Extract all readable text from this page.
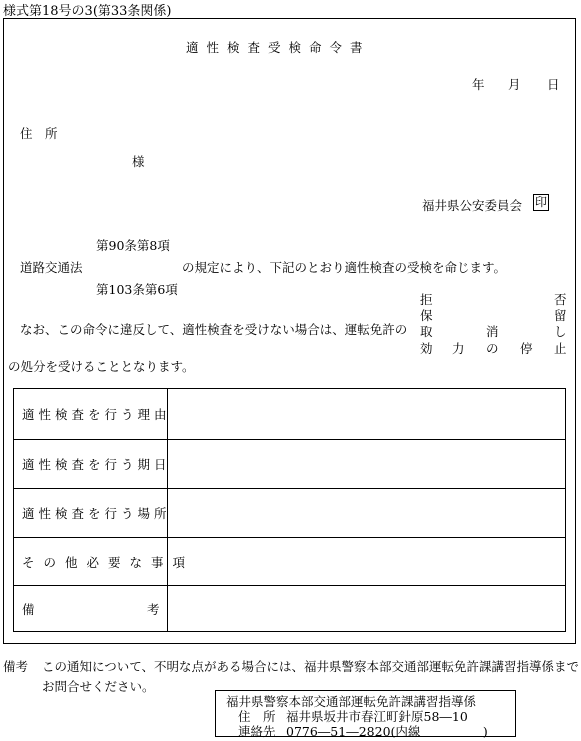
様式第18号の3(第33条関係)
適性検査受検命令書
年 月 日
住　所
様
福井県公安委員会 印
第90条第8項
道路交通法	の規定により、下記のとおり適性検査の受検を命じます。
第103条第6項
拒
保
取
効
否
留
し
止
消
力 の 停
なお、この命令に違反して、適性検査を受けない場合は、運転免許の
の処分を受けることとなります。
適性検査を行う理由
適性検査を行う期日
適性検査を行う場所
その他必要な事項
備	考
備考 この通知について、不明な点がある場合には、福井県警察本部交通部運転免許課講習指導係まで
お問合せください。
福井県警察本部交通部運転免許課講習指導係
住　所 福井県坂井市春江町針原58―10
連絡先 0776―51―2820(内線　　　　　)
